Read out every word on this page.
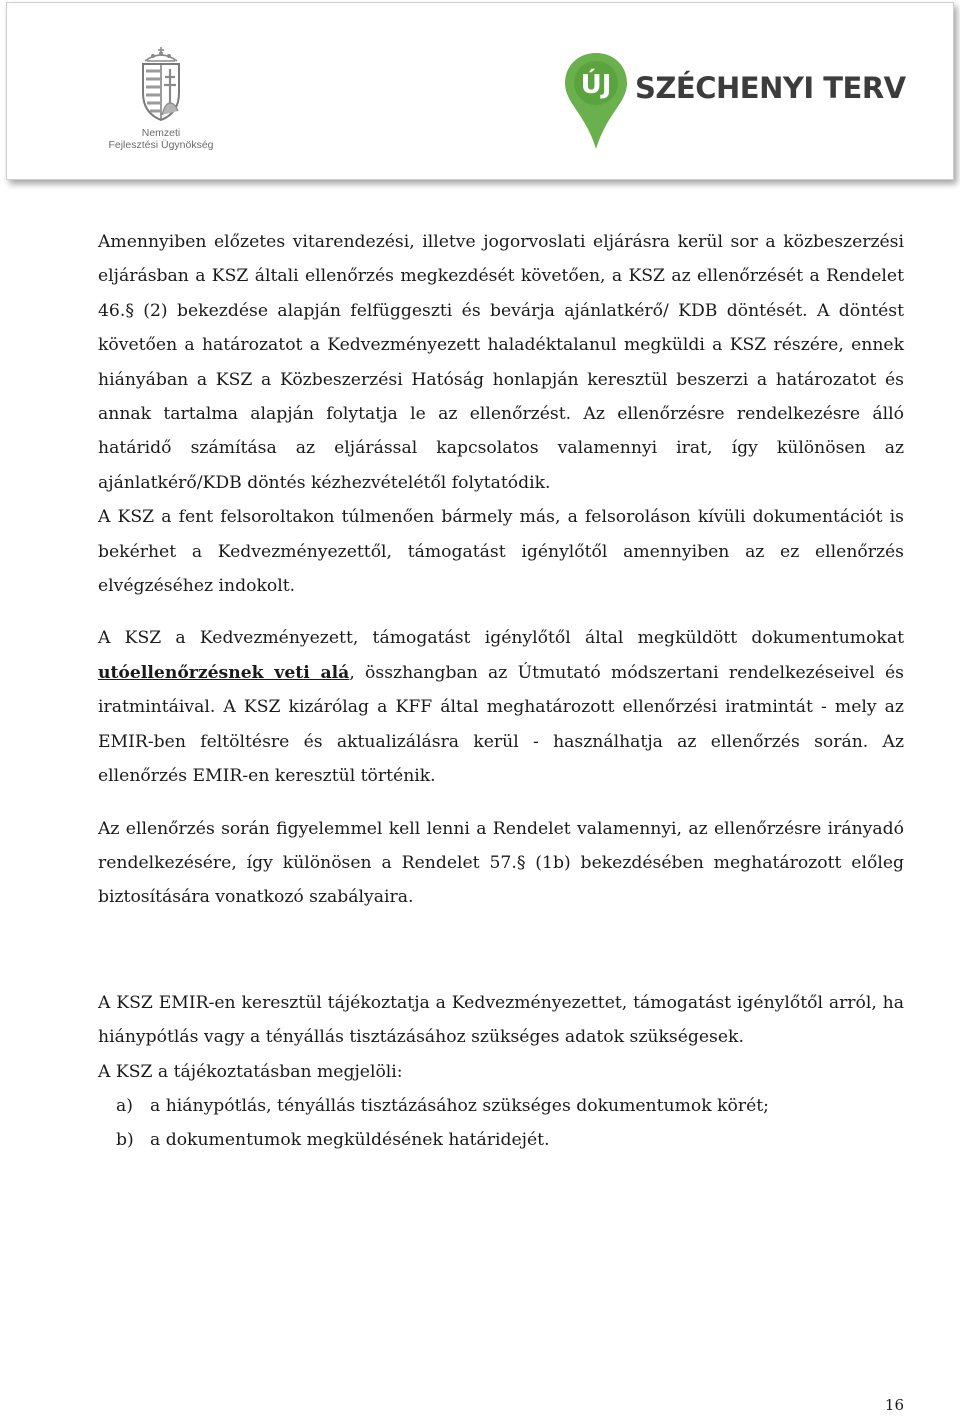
Nemzeti
Fejlesztési Ügynökség
ÚJ SZÉCHENYI TERV

Amennyiben előzetes vitarendezési, illetve jogorvoslati eljárásra kerül sor a közbeszerzési eljárásban a KSZ általi ellenőrzés megkezdését követően, a KSZ az ellenőrzését a Rendelet 46.§ (2) bekezdése alapján felfüggeszti és bevárja ajánlatkérő/ KDB döntését. A döntést követően a határozatot a Kedvezményezett haladéktalanul megküldi a KSZ részére, ennek hiányában a KSZ a Közbeszerzési Hatóság honlapján keresztül beszerzi a határozatot és annak tartalma alapján folytatja le az ellenőrzést. Az ellenőrzésre rendelkezésre álló határidő számítása az eljárással kapcsolatos valamennyi irat, így különösen az ajánlatkérő/KDB döntés kézhezvételétől folytatódik.

A KSZ a fent felsoroltakon túlmenően bármely más, a felsoroláson kívüli dokumentációt is bekérhet a Kedvezményezettől, támogatást igénylőtől amennyiben az ez ellenőrzés elvégzéséhez indokolt.

A KSZ a Kedvezményezett, támogatást igénylőtől által megküldött dokumentumokat utóellenőrzésnek veti alá, összhangban az Útmutató módszertani rendelkezéseivel és iratmintáival. A KSZ kizárólag a KFF által meghatározott ellenőrzési iratmintát - mely az EMIR-ben feltöltésre és aktualizálásra kerül - használhatja az ellenőrzés során. Az ellenőrzés EMIR-en keresztül történik.

Az ellenőrzés során figyelemmel kell lenni a Rendelet valamennyi, az ellenőrzésre irányadó rendelkezésére, így különösen a Rendelet 57.§ (1b) bekezdésében meghatározott előleg biztosítására vonatkozó szabályaira.

A KSZ EMIR-en keresztül tájékoztatja a Kedvezményezettet, támogatást igénylőtől arról, ha hiánypótlás vagy a tényállás tisztázásához szükséges adatok szükségesek.

A KSZ a tájékoztatásban megjelöli:

a) a hiánypótlás, tényállás tisztázásához szükséges dokumentumok körét;
b) a dokumentumok megküldésének határidejét.
16
